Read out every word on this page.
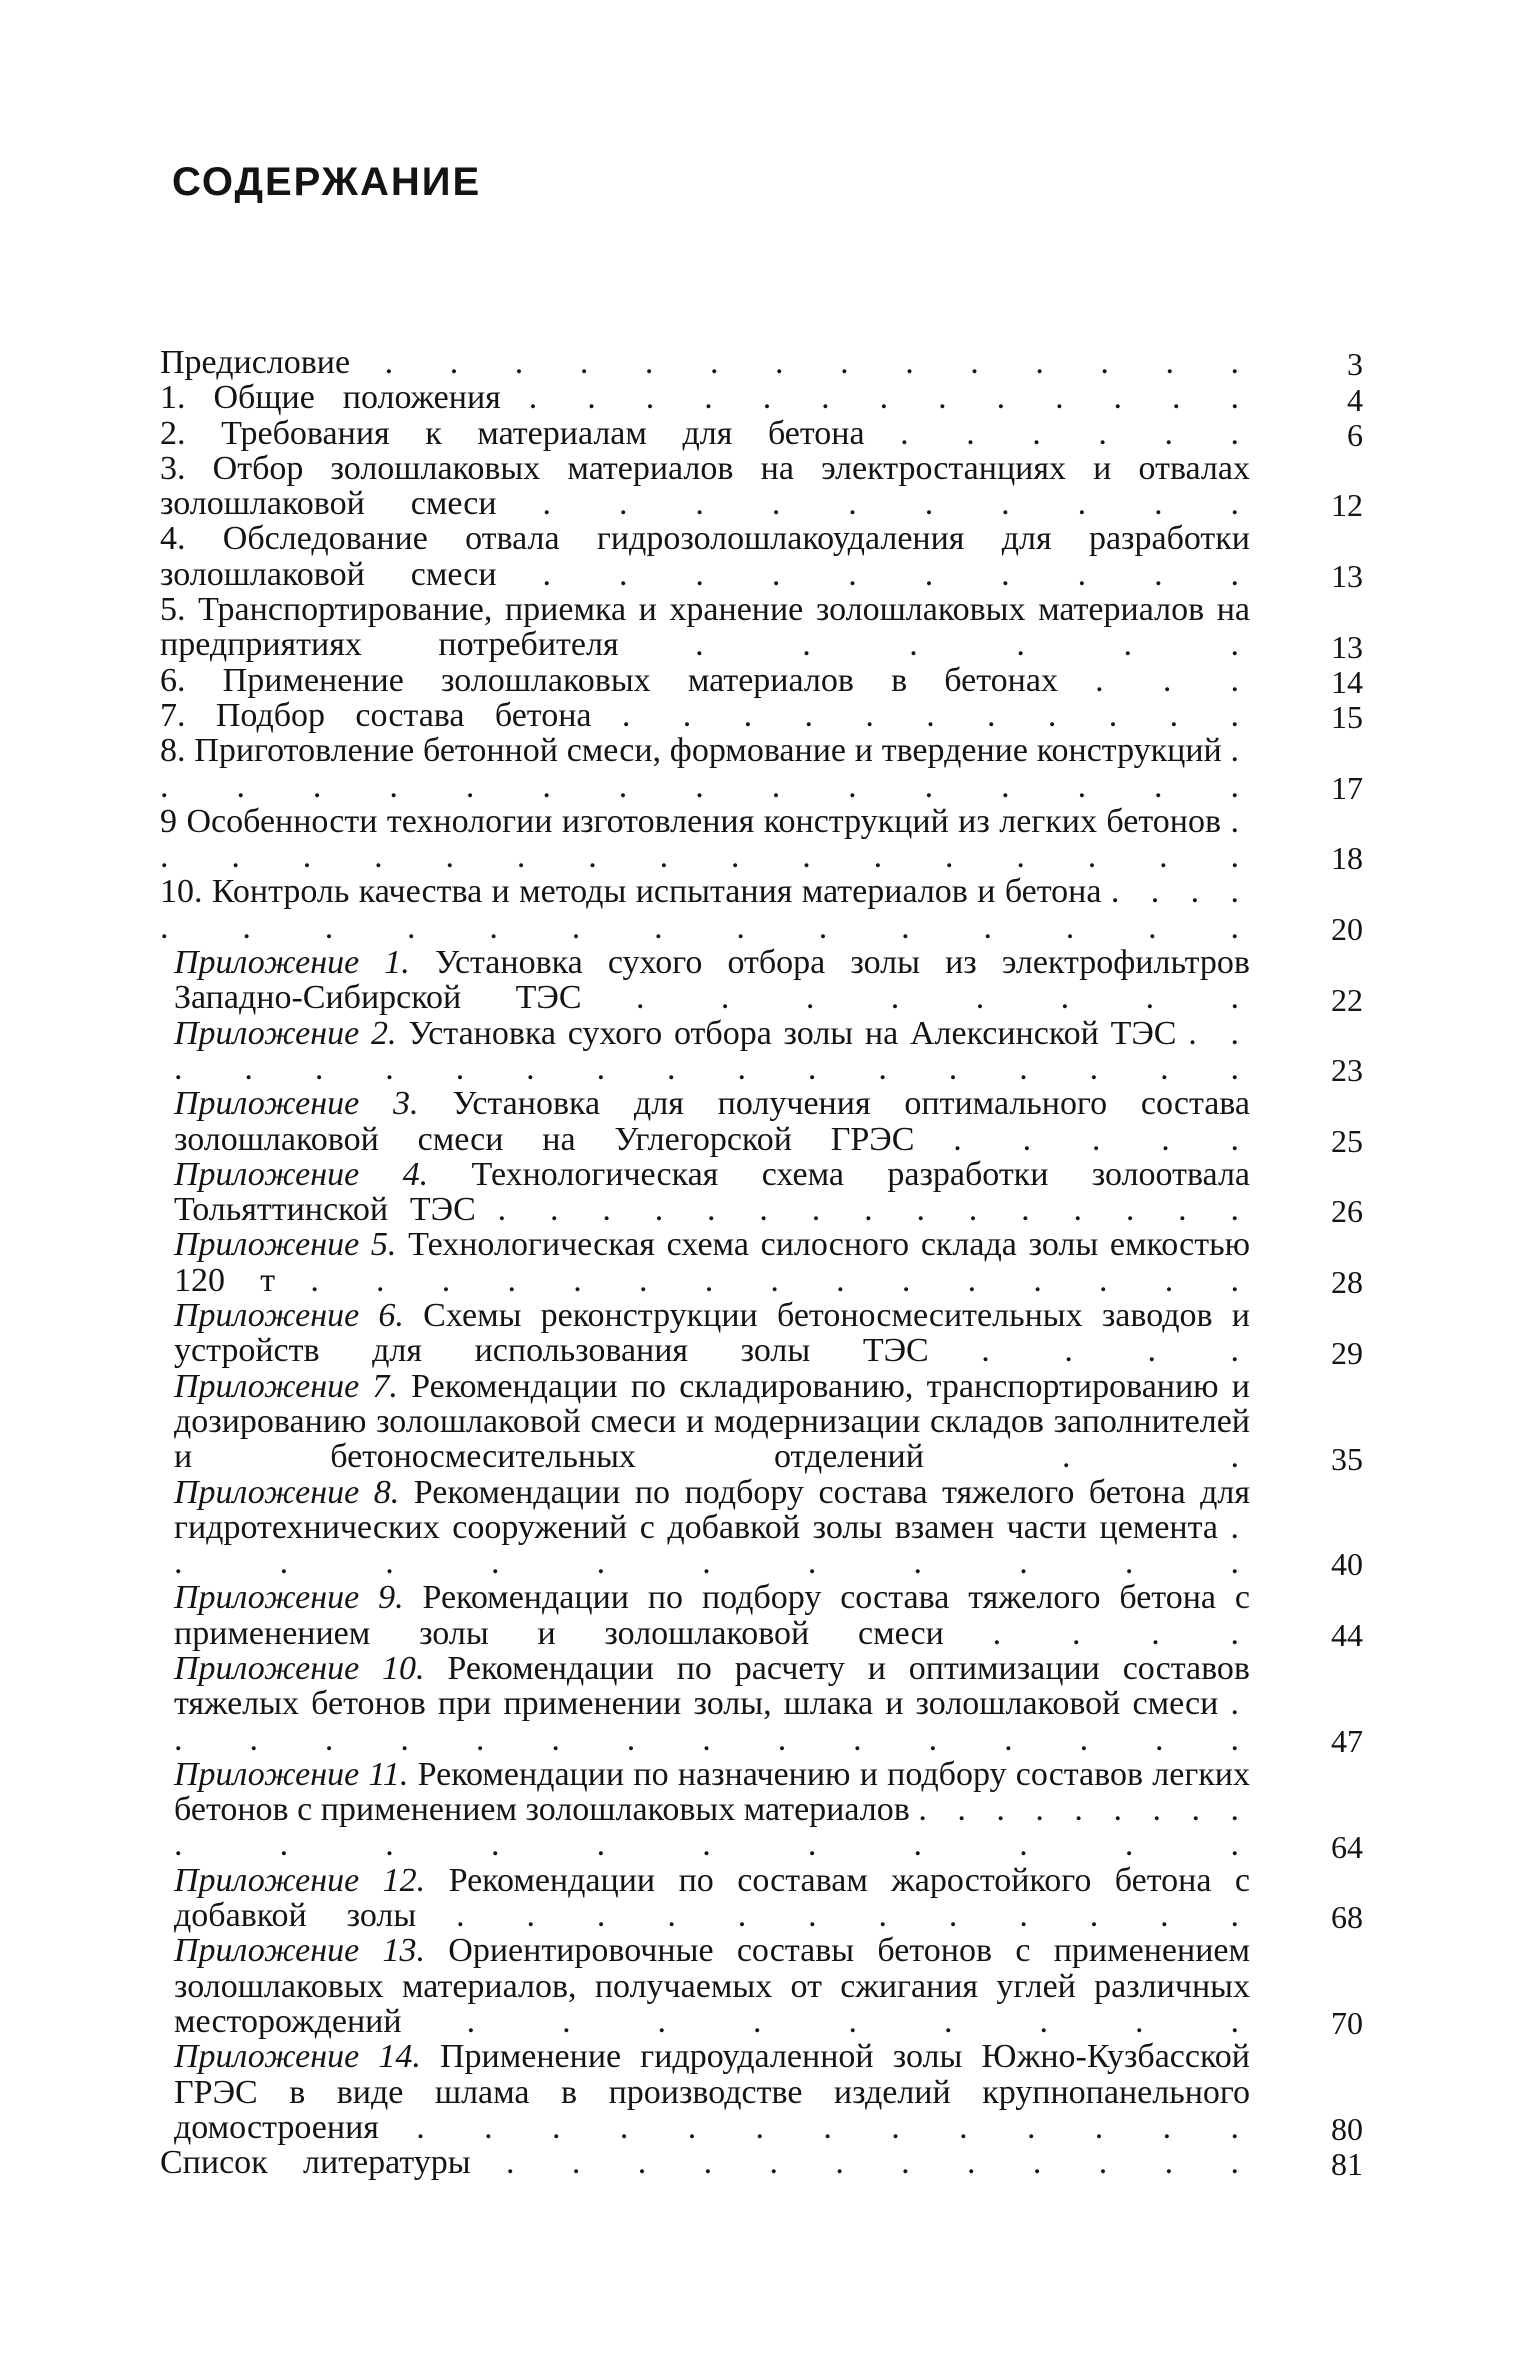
СОДЕРЖАНИЕ
Предисловие . . . . . . . . . . . . . .	3
1. Общие положения . . . . . . . . . . . . .	4
2. Требования к материалам для бетона . . . . . .	6
3. Отбор золошлаковых материалов на электростанциях и отвалах золошлаковой смеси . . . . . . . . . .	12
4. Обследование отвала гидрозолошлакоудаления для разработки золошлаковой смеси . . . . . . . . . .	13
5. Транспортирование, приемка и хранение золошлаковых материалов на предприятиях потребителя . . . . . .	13
6. Применение золошлаковых материалов в бетонах . . .	14
7. Подбор состава бетона . . . . . . . . . . .	15
8. Приготовление бетонной смеси, формование и твердение конструкций . . . . . . . . . . . . . . . .	17
9 Особенности технологии изготовления конструкций из легких бетонов . . . . . . . . . . . . . . . . .	18
10. Контроль качества и методы испытания материалов и бетона . . . . . . . . . . . . . . . . . .	20
Приложение 1. Установка сухого отбора золы из электрофильтров Западно-Сибирской ТЭС . . . . . . . .	22
Приложение 2. Установка сухого отбора золы на Алексинской ТЭС . . . . . . . . . . . . . . . . . .	23
Приложение 3. Установка для получения оптимального состава золошлаковой смеси на Углегорской ГРЭС . . . . .	25
Приложение 4. Технологическая схема разработки золоотвала Тольяттинской ТЭС . . . . . . . . . . . . . . .	26
Приложение 5. Технологическая схема силосного склада золы емкостью 120 т . . . . . . . . . . . . . . .	28
Приложение 6. Схемы реконструкции бетоносмесительных заводов и устройств для использования золы ТЭС . . . .	29
Приложение 7. Рекомендации по складированию, транспортированию и дозированию золошлаковой смеси и модернизации складов заполнителей и бетоносмесительных отделений	. .	35
Приложение 8. Рекомендации по подбору состава тяжелого бетона для гидротехнических сооружений с добавкой золы взамен части цемента . . . . . . . . . . . .	40
Приложение 9. Рекомендации по подбору состава тяжелого бетона с применением золы и золошлаковой смеси . . . .	44
Приложение 10. Рекомендации по расчету и оптимизации составов тяжелых бетонов при применении золы, шлака и золошлаковой смеси . . . . . . . . . . . . . . . .	47
Приложение 11. Рекомендации по назначению и подбору составов легких бетонов с применением золошлаковых материалов . . . . . . . . . . . . . . . . . . . .	64
Приложение 12. Рекомендации по составам жаростойкого бетона с добавкой золы . . . . . . . . . . . .	68
Приложение 13. Ориентировочные составы бетонов с применением золошлаковых материалов, получаемых от сжигания углей различных месторождений . . . . . . . . .	70
Приложение 14. Применение гидроудаленной золы Южно-Кузбасской ГРЭС в виде шлама в производстве изделий крупнопанельного домостроения . . . . . . . . . . . . .	80
Список литературы . . . . . . . . . . . .	81
